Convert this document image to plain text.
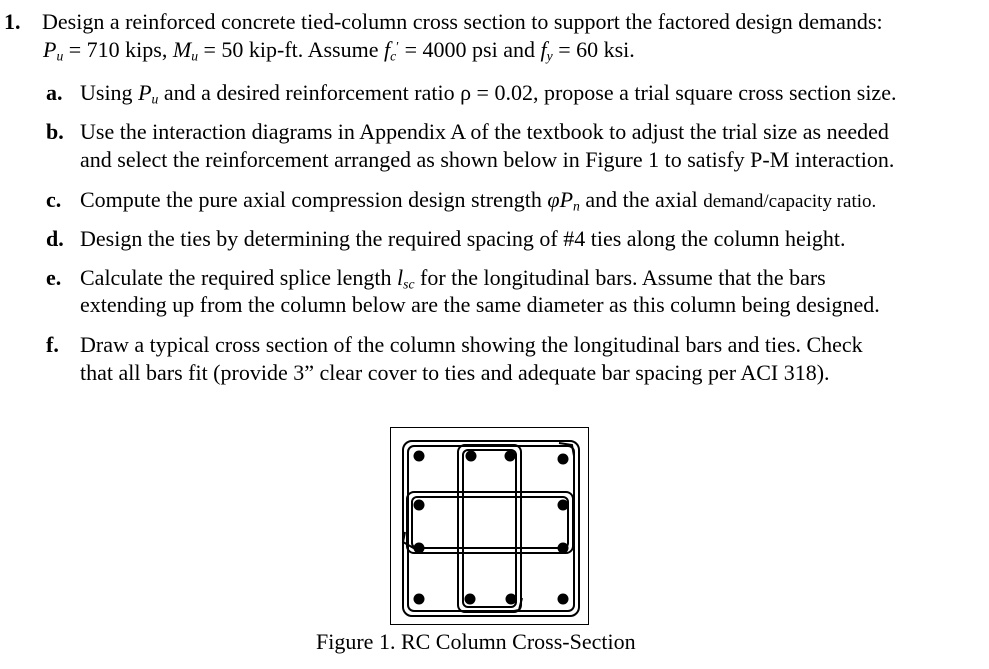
1. Design a reinforced concrete tied-column cross section to support the factored design demands:
$P_u = 710$ kips, $M_u = 50$ kip-ft. Assume $f_c' = 4000$ psi and $f_y = 60$ ksi.
a. Using $P_u$ and a desired reinforcement ratio ρ = 0.02, propose a trial square cross section size.
b. Use the interaction diagrams in Appendix A of the textbook to adjust the trial size as needed
and select the reinforcement arranged as shown below in Figure 1 to satisfy P-M interaction.
c. Compute the pure axial compression design strength $\varphi P_n$ and the axial demand/capacity ratio.
d. Design the ties by determining the required spacing of #4 ties along the column height.
e. Calculate the required splice length $l_{sc}$ for the longitudinal bars. Assume that the bars
extending up from the column below are the same diameter as this column being designed.
f. Draw a typical cross section of the column showing the longitudinal bars and ties. Check
that all bars fit (provide 3” clear cover to ties and adequate bar spacing per ACI 318).
Figure 1. RC Column Cross-Section
